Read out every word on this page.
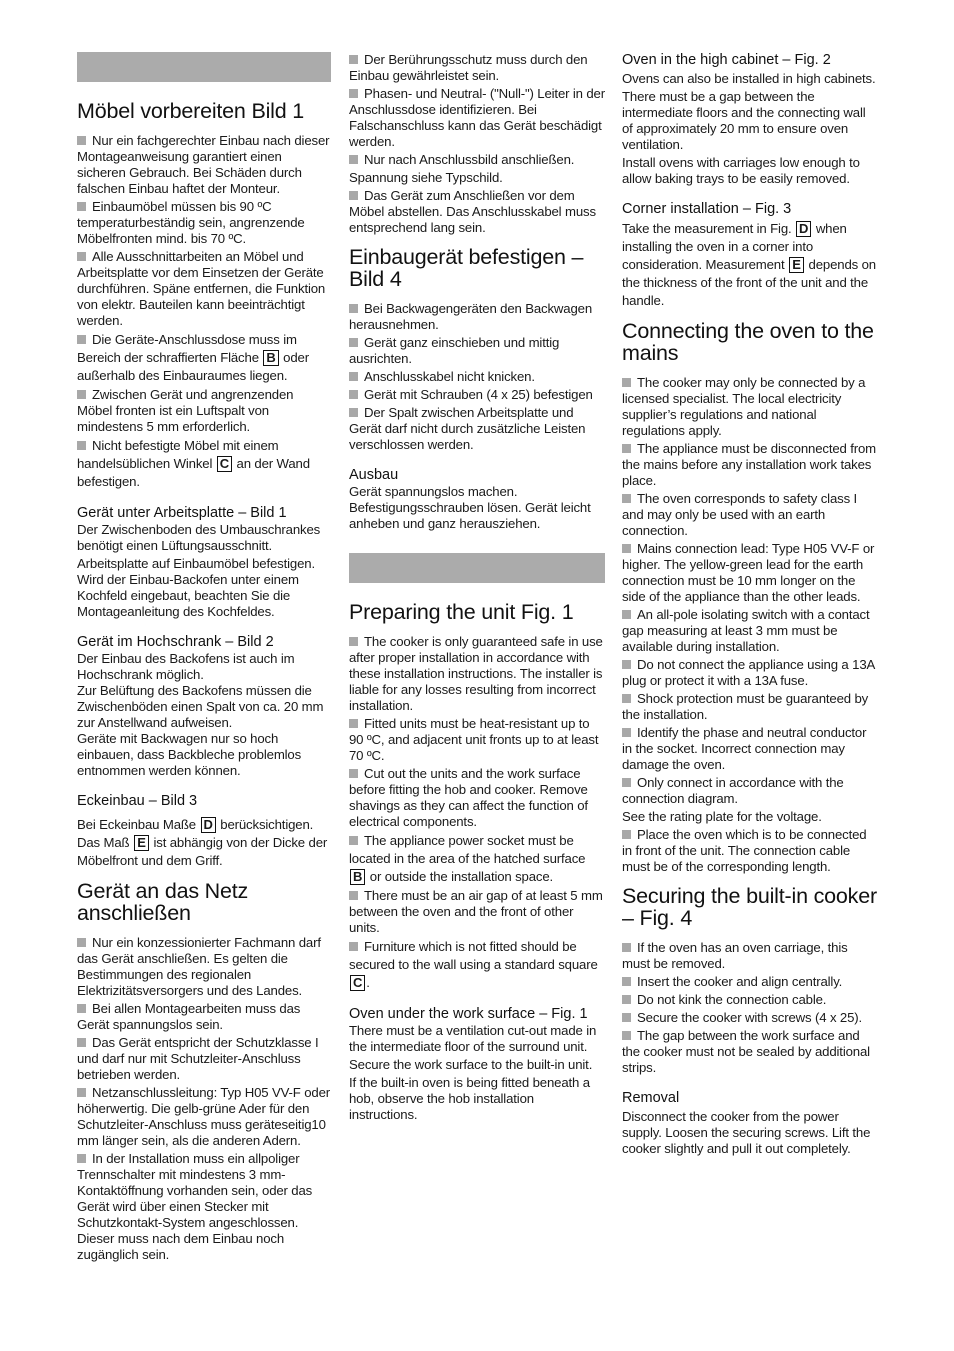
Möbel vorbereiten Bild 1

Nur ein fachgerechter Einbau nach dieser Montageanweisung garantiert einen sicheren Gebrauch. Bei Schäden durch falschen Einbau haftet der Monteur.

Einbaumöbel müssen bis 90 ºC temperaturbeständig sein, angrenzende Möbelfronten mind. bis 70 ºC.

Alle Ausschnittarbeiten an Möbel und Arbeitsplatte vor dem Einsetzen der Geräte durchführen. Späne entfernen, die Funktion von elektr. Bauteilen kann beeinträchtigt werden.

Die Geräte-Anschlussdose muss im Bereich der schraffierten Fläche B oder außerhalb des Einbauraumes liegen.

Zwischen Gerät und angrenzenden Möbel fronten ist ein Luftspalt von mindestens 5 mm erforderlich.

Nicht befestigte Möbel mit einem handelsüblichen Winkel C an der Wand befestigen.

Gerät unter Arbeitsplatte – Bild 1

Der Zwischenboden des Umbauschrankes benötigt einen Lüftungsausschnitt.

Arbeitsplatte auf Einbaumöbel befestigen.

Wird der Einbau-Backofen unter einem Kochfeld eingebaut, beachten Sie die Montageanleitung des Kochfeldes.

Gerät im Hochschrank – Bild 2

Der Einbau des Backofens ist auch im Hochschrank möglich.

Zur Belüftung des Backofens müssen die Zwischenböden einen Spalt von ca. 20 mm zur Anstellwand aufweisen.

Geräte mit Backwagen nur so hoch einbauen, dass Backbleche problemlos entnommen werden können.

Eckeinbau – Bild 3

Bei Eckeinbau Maße D berücksichtigen. Das Maß E ist abhängig von der Dicke der Möbelfront und dem Griff.

Gerät an das Netz anschließen

Nur ein konzessionierter Fachmann darf das Gerät anschließen. Es gelten die Bestimmungen des regionalen Elektrizitätsversorgers und des Landes.

Bei allen Montagearbeiten muss das Gerät spannungslos sein.

Das Gerät entspricht der Schutzklasse I und darf nur mit Schutzleiter-Anschluss betrieben werden.

Netzanschlussleitung: Typ H05 VV-F oder höherwertig. Die gelb-grüne Ader für den Schutzleiter-Anschluss muss geräteseitig10 mm länger sein, als die anderen Adern.

In der Installation muss ein allpoliger Trennschalter mit mindestens 3 mm-Kontaktöffnung vorhanden sein, oder das Gerät wird über einen Stecker mit Schutzkontakt-System angeschlossen. Dieser muss nach dem Einbau noch zugänglich sein.

Der Berührungsschutz muss durch den Einbau gewährleistet sein.

Phasen- und Neutral- ("Null-") Leiter in der Anschlussdose identifizieren. Bei Falschanschluss kann das Gerät beschädigt werden.

Nur nach Anschlussbild anschließen.

Spannung siehe Typschild.

Das Gerät zum Anschließen vor dem Möbel abstellen. Das Anschlusskabel muss entsprechend lang sein.

Einbaugerät befestigen –Bild 4

Bei Backwagengeräten den Backwagen herausnehmen.

Gerät ganz einschieben und mittig ausrichten.

Anschlusskabel nicht knicken.

Gerät mit Schrauben (4 x 25) befestigen

Der Spalt zwischen Arbeitsplatte und Gerät darf nicht durch zusätzliche Leisten verschlossen werden.

Ausbau

Gerät spannungslos machen. Befestigungsschrauben lösen. Gerät leicht anheben und ganz herausziehen.

Preparing the unit Fig. 1

The cooker is only guaranteed safe in use after proper installation in accordance with these installation instructions. The installer is liable for any losses resulting from incorrect installation.

Fitted units must be heat-resistant up to 90 ºC, and adjacent unit fronts up to at least 70 ºC.

Cut out the units and the work surface before fitting the hob and cooker. Remove shavings as they can affect the function of electrical components.

The appliance power socket must be located in the area of the hatched surface B or outside the installation space.

There must be an air gap of at least 5 mm between the oven and the front of other units.

Furniture which is not fitted should be secured to the wall using a standard square C .

Oven under the work surface – Fig. 1

There must be a ventilation cut-out made in the intermediate floor of the surround unit.

Secure the work surface to the built-in unit.

If the built-in oven is being fitted beneath a hob, observe the hob installation instructions.

Oven in the high cabinet – Fig. 2

Ovens can also be installed in high cabinets.

There must be a gap between the intermediate floors and the connecting wall of approximately 20 mm to ensure oven ventilation.

Install ovens with carriages low enough to allow baking trays to be easily removed.

Corner installation – Fig. 3

Take the measurement in Fig. D when installing the oven in a corner into consideration. Measurement E depends on the thickness of the front of the unit and the handle.

Connecting the oven to the mains

The cooker may only be connected by a licensed specialist. The local electricity supplier’s regulations and national regulations apply.

The appliance must be disconnected from the mains before any installation work takes place.

The oven corresponds to safety class I and may only be used with an earth connection.

Mains connection lead: Type H05 VV-F or higher. The yellow-green lead for the earth connection must be 10 mm longer on the side of the appliance than the other leads.

An all-pole isolating switch with a contact gap measuring at least 3 mm must be available during installation.

Do not connect the appliance using a 13A plug or protect it with a 13A fuse.

Shock protection must be guaranteed by the installation.

Identify the phase and neutral conductor in the socket. Incorrect connection may damage the oven.

Only connect in accordance with the connection diagram.

See the rating plate for the voltage.

Place the oven which is to be connected in front of the unit. The connection cable must be of the corresponding length.

Securing the built-in cooker – Fig. 4

If the oven has an oven carriage, this must be removed.

Insert the cooker and align centrally.

Do not kink the connection cable.

Secure the cooker with screws (4 x 25).

The gap between the work surface and the cooker must not be sealed by additional strips.

Removal

Disconnect the cooker from the power supply. Loosen the securing screws. Lift the cooker slightly and pull it out completely.
